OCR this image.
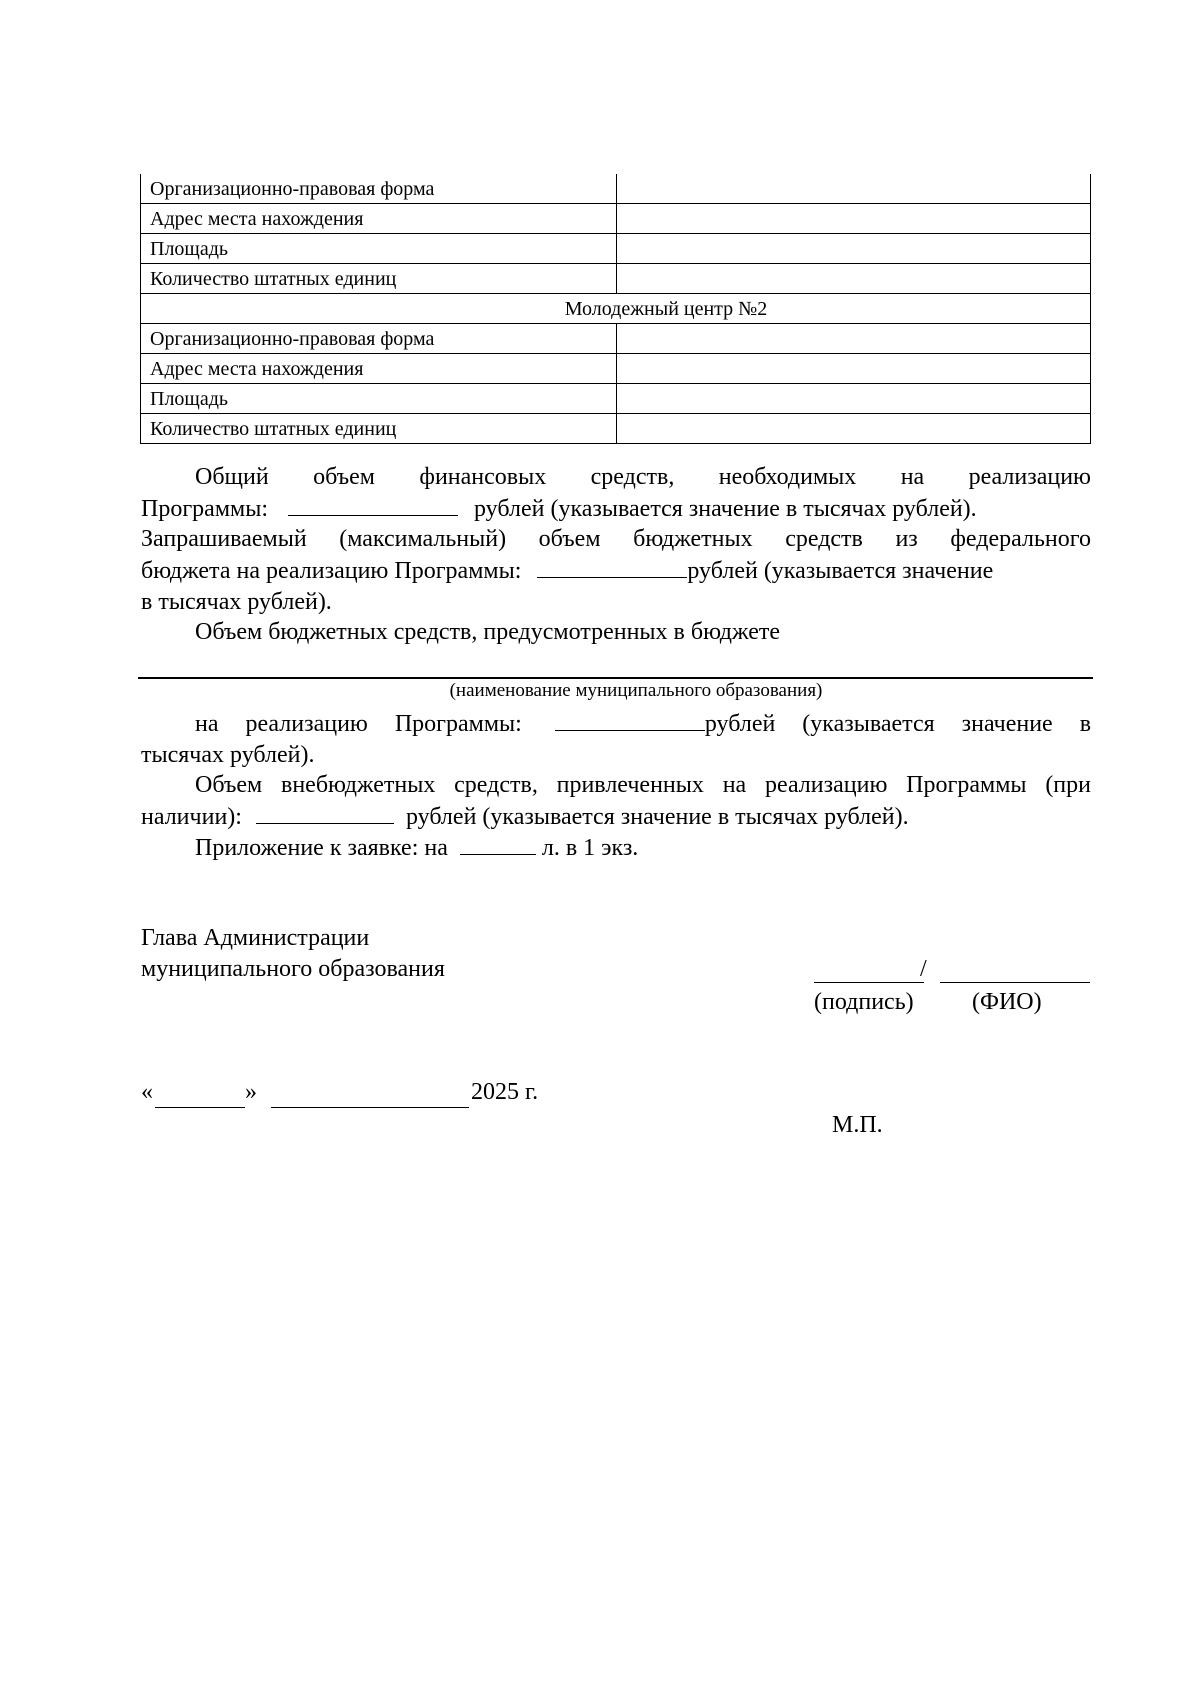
Организационно-правовая форма	
Адрес места нахождения	
Площадь	
Количество штатных единиц	
Молодежный центр №2	
Организационно-правовая форма	
Адрес места нахождения	
Площадь	
Количество штатных единиц	
Общий объем финансовых средств, необходимых на реализацию
Программы:	рублей (указывается значение в тысячах рублей).
Запрашиваемый (максимальный) объем бюджетных средств из федерального
бюджета на реализацию Программы:	рублей (указывается значение
в тысячах рублей).
Объем бюджетных средств, предусмотренных в бюджете
(наименование муниципального образования)
на реализацию Программы:	рублей (указывается значение в
тысячах рублей).
Объем внебюджетных средств, привлеченных на реализацию Программы (при
наличии):	рублей (указывается значение в тысячах рублей).
Приложение к заявке: на	л. в 1 экз.
Глава Администрации
муниципального образования	/
(подпись) (ФИО)
«	»	2025 г.
М.П.
